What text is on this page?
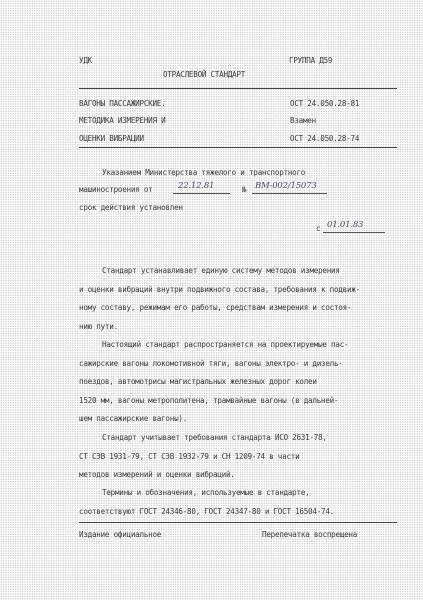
УДК	ГРУППА Д59
ОТРАСЛЕВОЙ СТАНДАРТ
ВАГОНЫ ПАССАЖИРСКИЕ.
МЕТОДИКА ИЗМЕРЕНИЯ И
ОЦЕНКИ ВИБРАЦИИ
ОСТ 24.050.28-81
Взамен
ОСТ 24.050.28-74
Указанием Министерства тяжелого и транспортного
машиностроения от	22.12.81	№ ВМ-002/15073
срок действия установлен
с 01.01.83
Стандарт устанавливает единую систему методов измерения
и оценки вибраций внутри подвижного состава, требования к подвиж-
ному составу, режимам его работы, средствам измерения и состоя-
нию пути.
Настоящий стандарт распространяется на проектируемые пас-
сажирские вагоны локомотивной тяги, вагоны электро- и дизель-
поездов, автомотрисы магистральных железных дорог колеи
1520 мм, вагоны метрополитена, трамвайные вагоны (в дальней-
шем пассажирские вагоны).
Стандарт учитывает требования стандарта ИСО 2631-78,
СТ СЭВ 1931-79, СТ СЭВ 1932-79 и СН 1209-74 в части
методов измерений и оценки вибраций.
Термины и обозначения, используемые в стандарте,
соответствуют ГОСТ 24346-80, ГОСТ 24347-80 и ГОСТ 16504-74.
Издание официальное	Перепечатка воспрещена
